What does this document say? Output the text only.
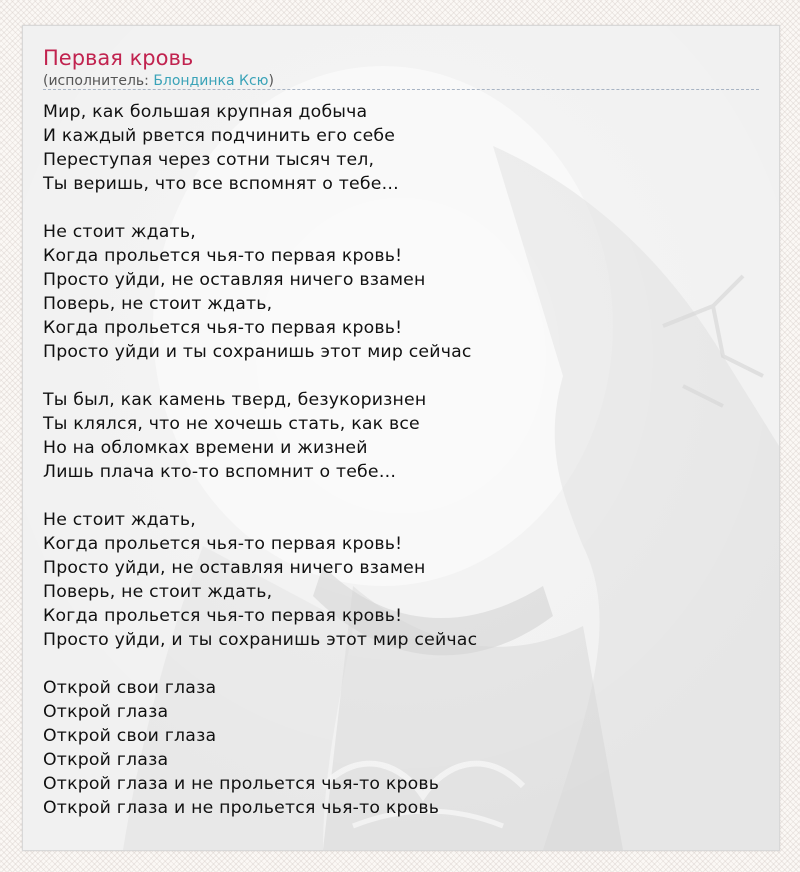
Первая кровь
(исполнитель: Блондинка Ксю)
Мир, как большая крупная добыча
И каждый рвется подчинить его себе
Переступая через сотни тысяч тел,
Ты веришь, что все вспомнят о тебе…
Не стоит ждать,
Когда прольется чья-то первая кровь!
Просто уйди, не оставляя ничего взамен
Поверь, не стоит ждать,
Когда прольется чья-то первая кровь!
Просто уйди и ты сохранишь этот мир сейчас
Ты был, как камень тверд, безукоризнен
Ты клялся, что не хочешь стать, как все
Но на обломках времени и жизней
Лишь плача кто-то вспомнит о тебе…
Не стоит ждать,
Когда прольется чья-то первая кровь!
Просто уйди, не оставляя ничего взамен
Поверь, не стоит ждать,
Когда прольется чья-то первая кровь!
Просто уйди, и ты сохранишь этот мир сейчас
Открой свои глаза
Открой глаза
Открой свои глаза
Открой глаза
Открой глаза и не прольется чья-то кровь
Открой глаза и не прольется чья-то кровь
